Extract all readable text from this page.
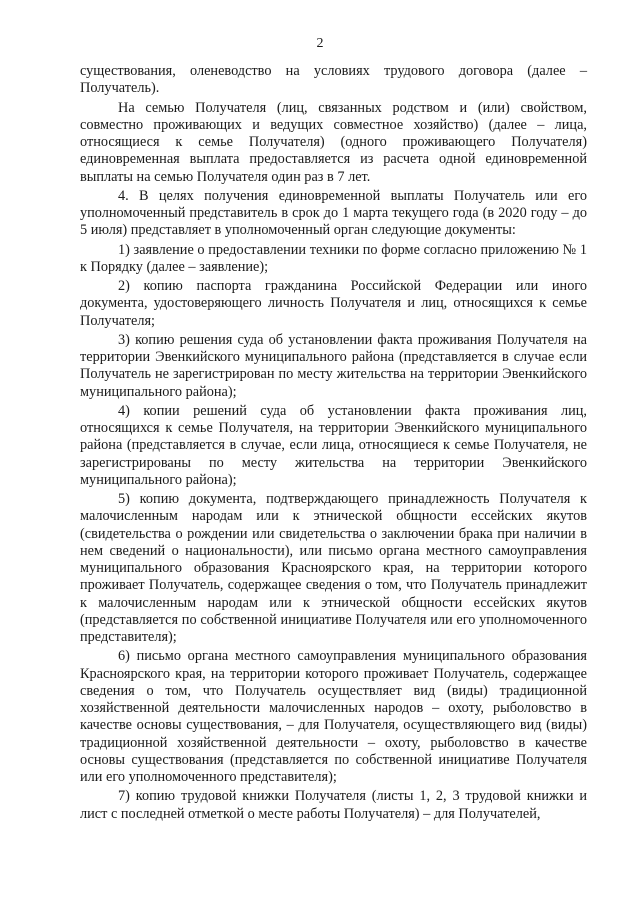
2

существования, оленеводство на условиях трудового договора (далее – Получатель).

На семью Получателя (лиц, связанных родством и (или) свойством, совместно проживающих и ведущих совместное хозяйство) (далее – лица, относящиеся к семье Получателя) (одного проживающего Получателя) единовременная выплата предоставляется из расчета одной единовременной выплаты на семью Получателя один раз в 7 лет.

4. В целях получения единовременной выплаты Получатель или его уполномоченный представитель в срок до 1 марта текущего года (в 2020 году – до 5 июля) представляет в уполномоченный орган следующие документы:

1) заявление о предоставлении техники по форме согласно приложению № 1 к Порядку (далее – заявление);

2) копию паспорта гражданина Российской Федерации или иного документа, удостоверяющего личность Получателя и лиц, относящихся к семье Получателя;

3) копию решения суда об установлении факта проживания Получателя на территории Эвенкийского муниципального района (представляется в случае если Получатель не зарегистрирован по месту жительства на территории Эвенкийского муниципального района);

4) копии решений суда об установлении факта проживания лиц, относящихся к семье Получателя, на территории Эвенкийского муниципального района (представляется в случае, если лица, относящиеся к семье Получателя, не зарегистрированы по месту жительства на территории Эвенкийского муниципального района);

5) копию документа, подтверждающего принадлежность Получателя к малочисленным народам или к этнической общности ессейских якутов (свидетельства о рождении или свидетельства о заключении брака при наличии в нем сведений о национальности), или письмо органа местного самоуправления муниципального образования Красноярского края, на территории которого проживает Получатель, содержащее сведения о том, что Получатель принадлежит к малочисленным народам или к этнической общности ессейских якутов (представляется по собственной инициативе Получателя или его уполномоченного представителя);

6) письмо органа местного самоуправления муниципального образования Красноярского края, на территории которого проживает Получатель, содержащее сведения о том, что Получатель осуществляет вид (виды) традиционной хозяйственной деятельности малочисленных народов – охоту, рыболовство в качестве основы существования, – для Получателя, осуществляющего вид (виды) традиционной хозяйственной деятельности – охоту, рыболовство в качестве основы существования (представляется по собственной инициативе Получателя или его уполномоченного представителя);

7) копию трудовой книжки Получателя (листы 1, 2, 3 трудовой книжки и лист с последней отметкой о месте работы Получателя) – для Получателей,
